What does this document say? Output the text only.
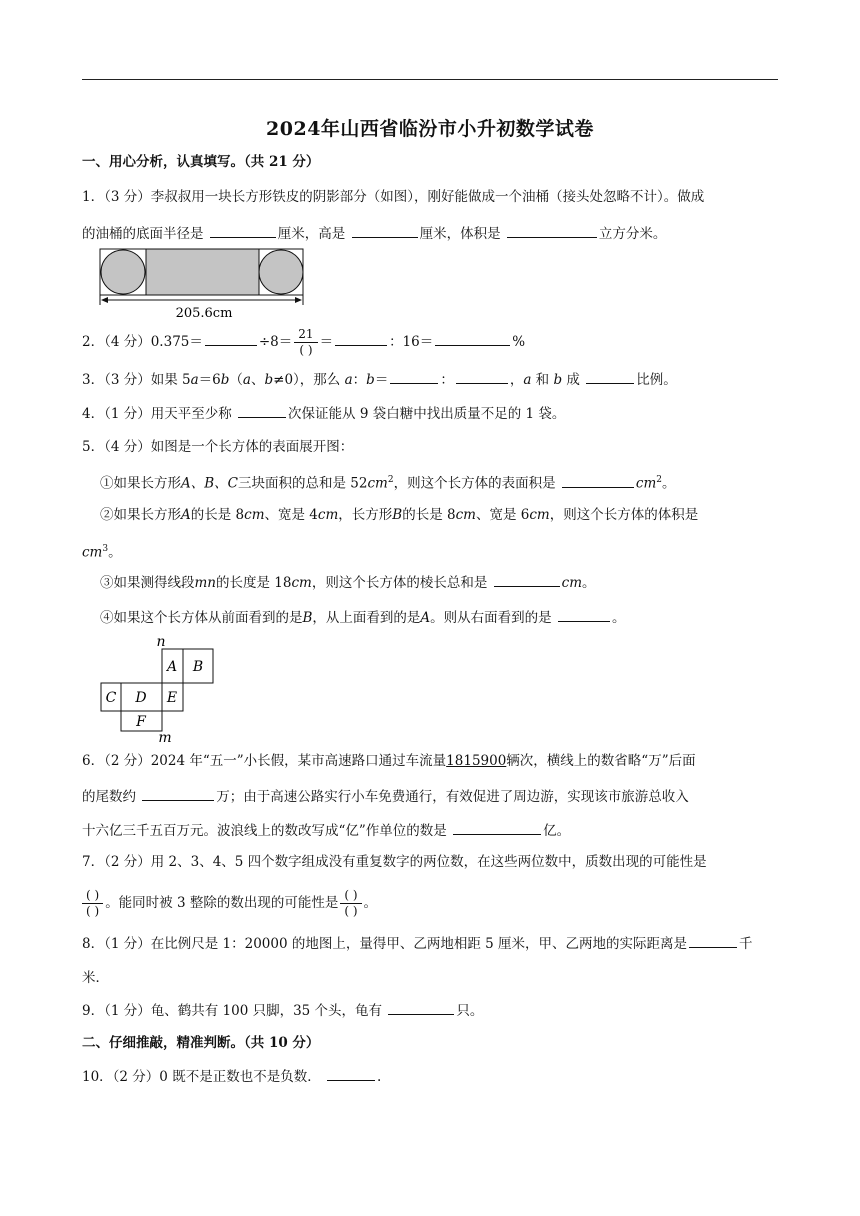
2024年山西省临汾市小升初数学试卷
一、用心分析，认真填写。（共 21 分）
1．（3 分）李叔叔用一块长方形铁皮的阴影部分（如图），刚好能做成一个油桶（接头处忽略不计）。做成
的油桶的底面半径是	厘米，高是	厘米，体积是	立方分米。
205.6cm
2．（4 分）0.375＝	$\div 8= \frac{21}{( )}$ ＝	：16＝	%
3．（3 分）如果 5a＝6b（a、b≠0），那么 a：b＝	：	，a 和 b 成	比例。
4．（1 分）用天平至少称	次保证能从 9 袋白糖中找出质量不足的 1 袋。
5．（4 分）如图是一个长方体的表面展开图：
①如果长方形A、B、C三块面积的总和是 $52cm^2$，则这个长方体的表面积是	$cm^2$。
②如果长方形A的长是 8cm、宽是 4cm，长方形B的长是 8cm、宽是 6cm，则这个长方体的体积是
$cm^3$。
③如果测得线段mn的长度是 18cm，则这个长方体的棱长总和是	cm。
④如果这个长方体从前面看到的是B，从上面看到的是A。则从右面看到的是	。
n
A B
C D E
F
m
6．（2 分）2024 年“五一”小长假，某市高速路口通过车流量1815900辆次，横线上的数省略“万”后面
的尾数约	万；由于高速公路实行小车免费通行，有效促进了周边游，实现该市旅游总收入
十六亿三千五百万元。波浪线上的数改写成“亿”作单位的数是	亿。
7．（2 分）用 2、3、4、5 四个数字组成没有重复数字的两位数，在这些两位数中，质数出现的可能性是
$\frac{( )}{( )}$ 。能同时被 3 整除的数出现的可能性是 $\frac{( )}{( )}$ 。
8．（1 分）在比例尺是 1：20000 的地图上，量得甲、乙两地相距 5 厘米，甲、乙两地的实际距离是	千
米．
9．（1 分）龟、鹤共有 100 只脚，35 个头，龟有	只。
二、仔细推敲，精准判断。（共 10 分）
10．（2 分）0 既不是正数也不是负数．	.
